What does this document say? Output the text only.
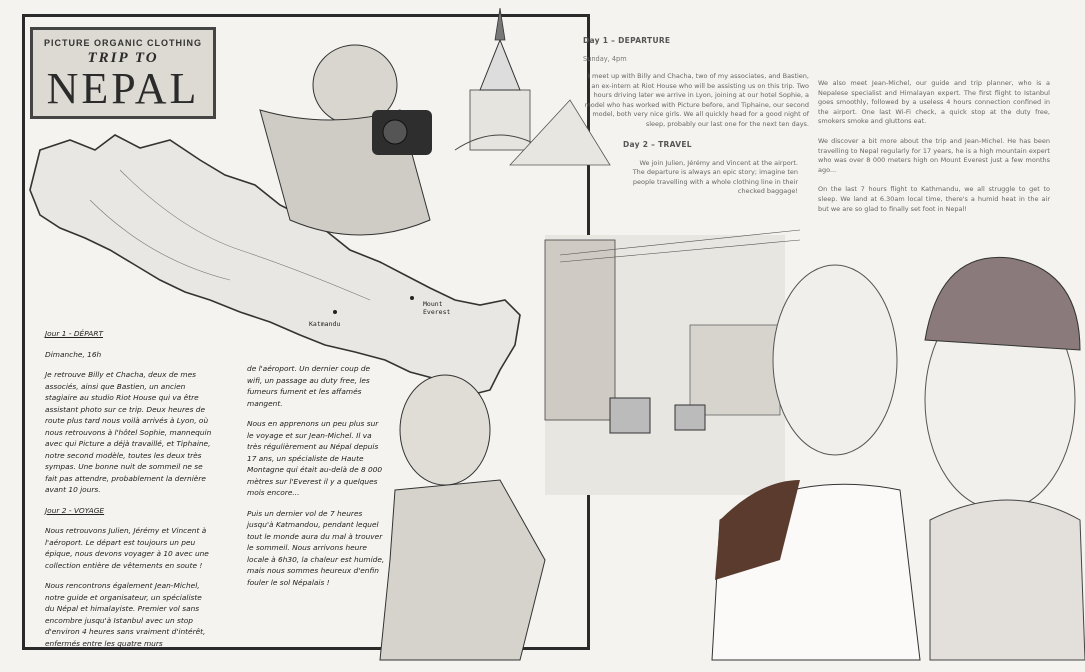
Katmandu
Mount
Everest
PICTURE ORGANIC CLOTHING
TRIP TO
NEPAL

Jour 1 - DÉPART

Dimanche, 16h

Je retrouve Billy et Chacha, deux de mes associés, ainsi que Bastien, un ancien stagiaire au studio Riot House qui va être assistant photo sur ce trip. Deux heures de route plus tard nous voilà arrivés à Lyon, où nous retrouvons à l'hôtel Sophie, mannequin avec qui Picture a déjà travaillé, et Tiphaine, notre second modèle, toutes les deux très sympas. Une bonne nuit de sommeil ne se fait pas attendre, probablement la dernière avant 10 jours.

Jour 2 - VOYAGE

Nous retrouvons Julien, Jérémy et Vincent à l'aéroport. Le départ est toujours un peu épique, nous devons voyager à 10 avec une collection entière de vêtements en soute !

Nous rencontrons également Jean-Michel, notre guide et organisateur, un spécialiste du Népal et himalayiste. Premier vol sans encombre jusqu'à Istanbul avec un stop d'environ 4 heures sans vraiment d'intérêt, enfermés entre les quatre murs

de l'aéroport. Un dernier coup de wifi, un passage au duty free, les fumeurs fument et les affamés mangent.

Nous en apprenons un peu plus sur le voyage et sur Jean-Michel. Il va très régulièrement au Népal depuis 17 ans, un spécialiste de Haute Montagne qui était au-delà de 8 000 mètres sur l'Everest il y a quelques mois encore...

Puis un dernier vol de 7 heures jusqu'à Katmandou, pendant lequel tout le monde aura du mal à trouver le sommeil. Nous arrivons heure locale à 6h30, la chaleur est humide, mais nous sommes heureux d'enfin fouler le sol Népalais !

Day 1 – DEPARTURE
Sunday, 4pm

I meet up with Billy and Chacha, two of my associates, and Bastien, an ex-intern at Riot House who will be assisting us on this trip. Two hours driving later we arrive in Lyon, joining at our hotel Sophie, a model who has worked with Picture before, and Tiphaine, our second model, both very nice girls. We all quickly head for a good night of sleep, probably our last one for the next ten days.

Day 2 – TRAVEL

We join Julien, Jérémy and Vincent at the airport. The departure is always an epic story; imagine ten people travelling with a whole clothing line in their checked baggage!

We also meet Jean-Michel, our guide and trip planner, who is a Nepalese specialist and Himalayan expert. The first flight to Istanbul goes smoothly, followed by a useless 4 hours connection confined in the airport. One last Wi-Fi check, a quick stop at the duty free, smokers smoke and gluttons eat.

We discover a bit more about the trip and Jean-Michel. He has been travelling to Nepal regularly for 17 years, he is a high mountain expert who was over 8 000 meters high on Mount Everest just a few months ago...

On the last 7 hours flight to Kathmandu, we all struggle to get to sleep. We land at 6.30am local time, there's a humid heat in the air but we are so glad to finally set foot in Nepal!
